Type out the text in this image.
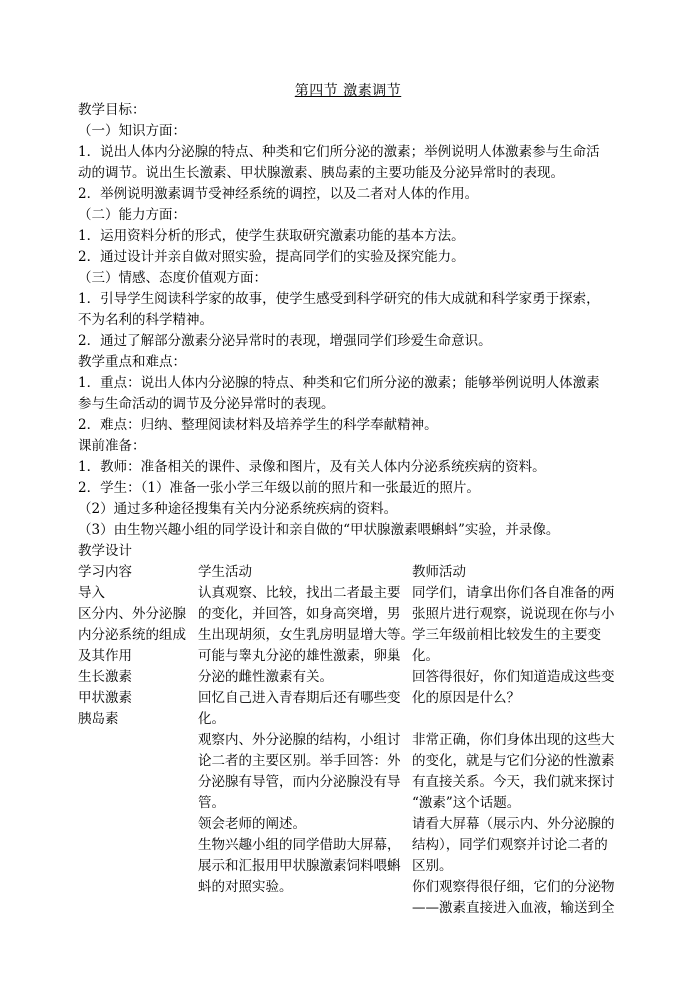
第四节 激素调节
教学目标：
（一）知识方面：
1．说出人体内分泌腺的特点、种类和它们所分泌的激素；举例说明人体激素参与生命活
动的调节。说出生长激素、甲状腺激素、胰岛素的主要功能及分泌异常时的表现。
2．举例说明激素调节受神经系统的调控，以及二者对人体的作用。
（二）能力方面：
1．运用资料分析的形式，使学生获取研究激素功能的基本方法。
2．通过设计并亲自做对照实验，提高同学们的实验及探究能力。
（三）情感、态度价值观方面：
1．引导学生阅读科学家的故事，使学生感受到科学研究的伟大成就和科学家勇于探索，
不为名利的科学精神。
2．通过了解部分激素分泌异常时的表现，增强同学们珍爱生命意识。
教学重点和难点：
1．重点：说出人体内分泌腺的特点、种类和它们所分泌的激素；能够举例说明人体激素
参与生命活动的调节及分泌异常时的表现。
2．难点：归纳、整理阅读材料及培养学生的科学奉献精神。
课前准备：
1．教师：准备相关的课件、录像和图片，及有关人体内分泌系统疾病的资料。
2．学生：（1）准备一张小学三年级以前的照片和一张最近的照片。
（2）通过多种途径搜集有关内分泌系统疾病的资料。
（3）由生物兴趣小组的同学设计和亲自做的“甲状腺激素喂蝌蚪”实验，并录像。
教学设计
学习内容	学生活动	教师活动
导入
区分内、外分泌腺
内分泌系统的组成
及其作用
生长激素
甲状激素
胰岛素
认真观察、比较，找出二者最主要
的变化，并回答，如身高突增，男
生出现胡须，女生乳房明显增大等。
可能与睾丸分泌的雄性激素，卵巢
分泌的雌性激素有关。
回忆自己进入青春期后还有哪些变
化。
观察内、外分泌腺的结构，小组讨
论二者的主要区别。举手回答：外
分泌腺有导管，而内分泌腺没有导
管。
领会老师的阐述。
生物兴趣小组的同学借助大屏幕，
展示和汇报用甲状腺激素饲料喂蝌
蚪的对照实验。
同学们，请拿出你们各自准备的两
张照片进行观察，说说现在你与小
学三年级前相比较发生的主要变
化。
回答得很好，你们知道造成这些变
化的原因是什么？
非常正确，你们身体出现的这些大
的变化，就是与它们分泌的性激素
有直接关系。今天，我们就来探讨
“激素”这个话题。
请看大屏幕（展示内、外分泌腺的
结构），同学们观察并讨论二者的
区别。
你们观察得很仔细，它们的分泌物
——激素直接进入血液，输送到全
